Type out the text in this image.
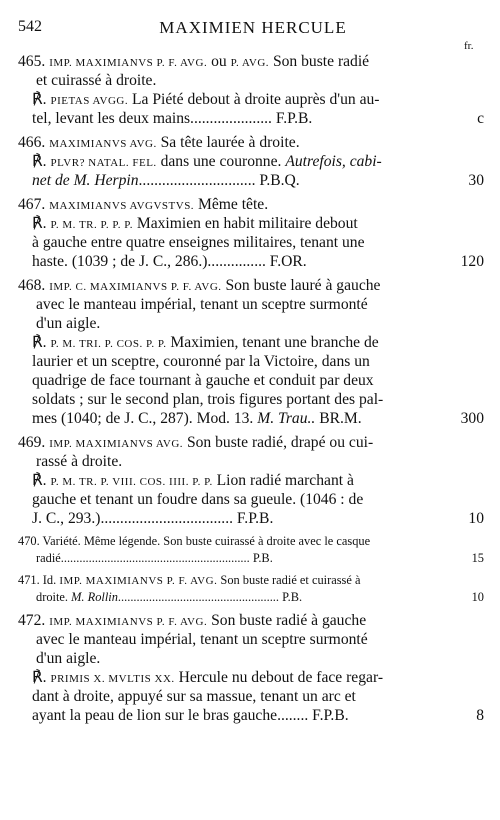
542	MAXIMIEN HERCULE
fr.
465. IMP. MAXIMIANVS P. F. AVG. ou P. AVG. Son buste radié
et cuirassé à droite.
℟. PIETAS AVGG. La Piété debout à droite auprès d'un au-
tel, levant les deux mains..................... F.P.B.	c
466. MAXIMIANVS AVG. Sa tête laurée à droite.
℟. PLVR? NATAL. FEL. dans une couronne. Autrefois, cabi-
net de M. Herpin.............................. P.B.Q.	30
467. MAXIMIANVS AVGVSTVS. Même tête.
℟. P. M. TR. P. P. P. Maximien en habit militaire debout
à gauche entre quatre enseignes militaires, tenant une
haste. (1039 ; de J. C., 286.)............... F.OR.	120
468. IMP. C. MAXIMIANVS P. F. AVG. Son buste lauré à gauche
avec le manteau impérial, tenant un sceptre surmonté
d'un aigle.
℟. P. M. TRI. P. COS. P. P. Maximien, tenant une branche de
laurier et un sceptre, couronné par la Victoire, dans un
quadrige de face tournant à gauche et conduit par deux
soldats ; sur le second plan, trois figures portant des pal-
mes (1040; de J. C., 287). Mod. 13. M. Trau.. BR.M.	300
469. IMP. MAXIMIANVS AVG. Son buste radié, drapé ou cui-
rassé à droite.
℟. P. M. TR. P. VIII. COS. IIII. P. P. Lion radié marchant à
gauche et tenant un foudre dans sa gueule. (1046 : de
J. C., 293.).................................. F.P.B.	10
470. Variété. Même légende. Son buste cuirassé à droite avec le casque
radié............................................................. P.B.	15
471. Id. IMP. MAXIMIANVS P. F. AVG. Son buste radié et cuirassé à
droite. M. Rollin.................................................... P.B.	10
472. IMP. MAXIMIANVS P. F. AVG. Son buste radié à gauche
avec le manteau impérial, tenant un sceptre surmonté
d'un aigle.
℟. PRIMIS X. MVLTIS XX. Hercule nu debout de face regar-
dant à droite, appuyé sur sa massue, tenant un arc et
ayant la peau de lion sur le bras gauche........ F.P.B.	8
